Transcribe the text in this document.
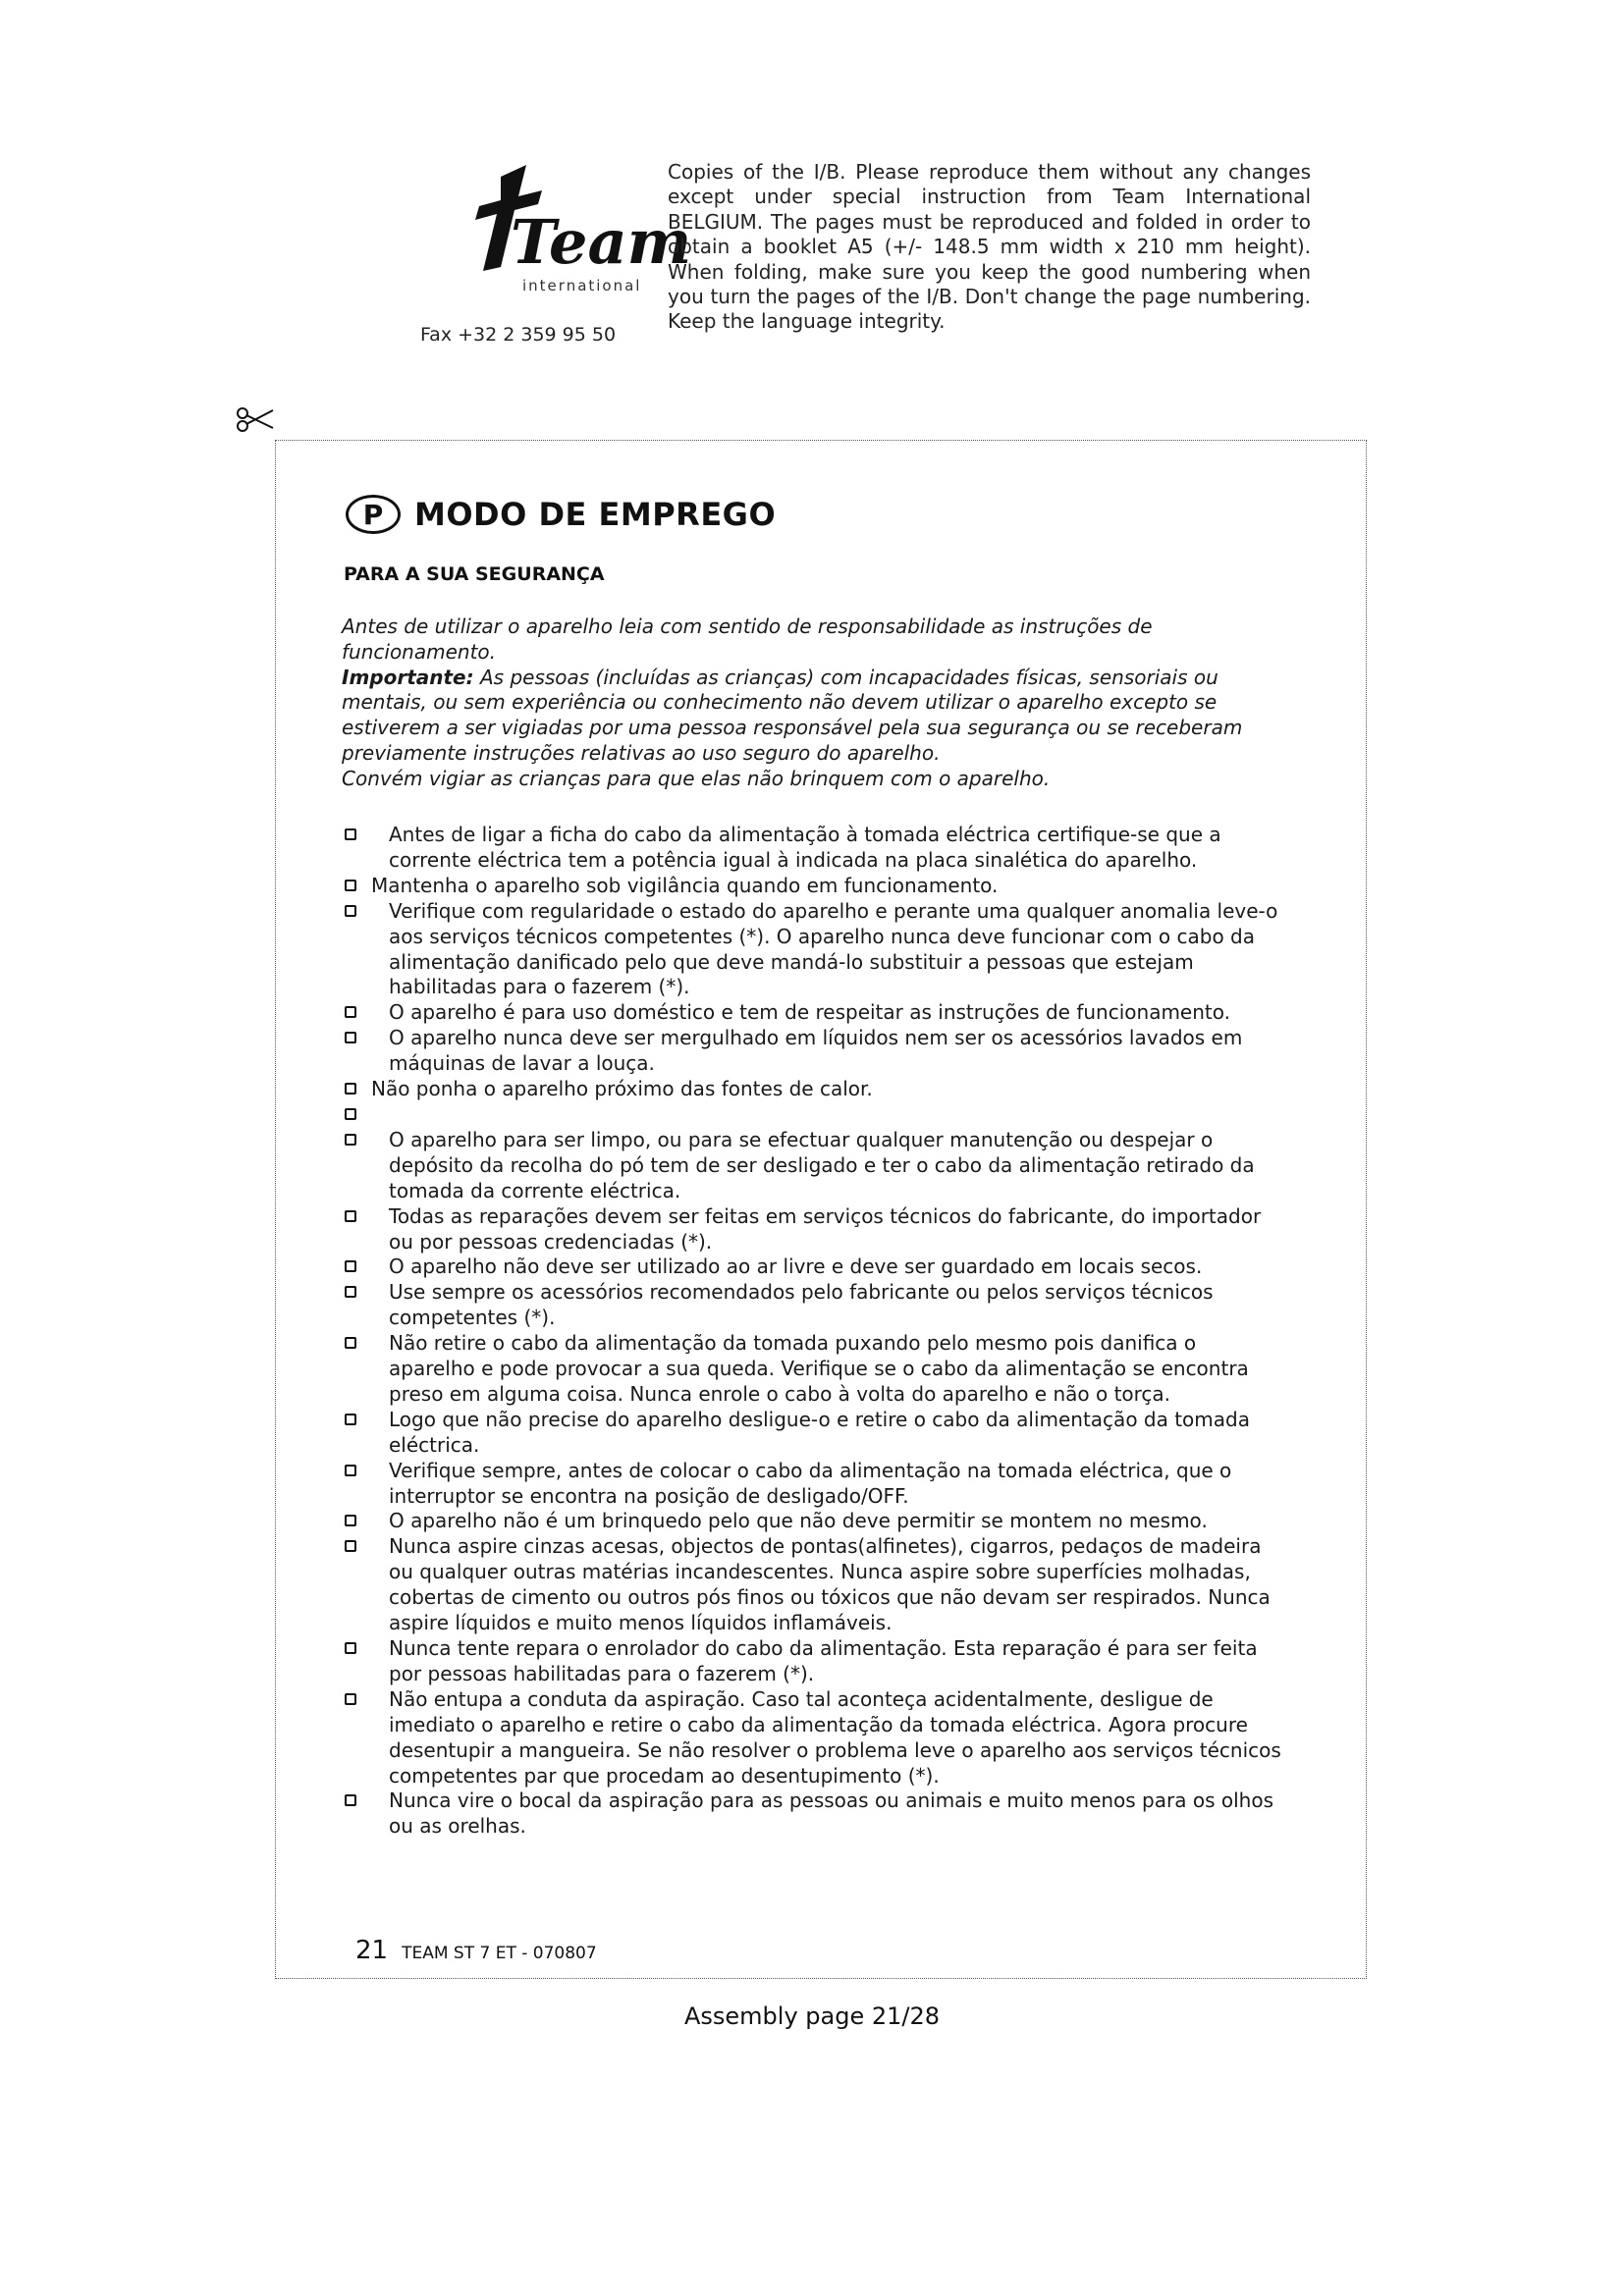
Team
international
Fax +32 2 359 95 50
Copies of the I/B. Please reproduce them without any changes except under special instruction from Team International BELGIUM. The pages must be reproduced and folded in order to obtain a booklet A5 (+/- 148.5 mm width x 210 mm height). When folding, make sure you keep the good numbering when you turn the pages of the I/B. Don't change the page numbering. Keep the language integrity.
P MODO DE EMPREGO
PARA A SUA SEGURANÇA

Antes de utilizar o aparelho leia com sentido de responsabilidade as instruções de funcionamento.

Importante: As pessoas (incluídas as crianças) com incapacidades físicas, sensoriais ou mentais, ou sem experiência ou conhecimento não devem utilizar o aparelho excepto se estiverem a ser vigiadas por uma pessoa responsável pela sua segurança ou se receberam previamente instruções relativas ao uso seguro do aparelho.

Convém vigiar as crianças para que elas não brinquem com o aparelho.

Antes de ligar a ficha do cabo da alimentação à tomada eléctrica certifique-se que a corrente eléctrica tem a potência igual à indicada na placa sinalética do aparelho.
Mantenha o aparelho sob vigilância quando em funcionamento.
Verifique com regularidade o estado do aparelho e perante uma qualquer anomalia leve-o aos serviços técnicos competentes (*). O aparelho nunca deve funcionar com o cabo da alimentação danificado pelo que deve mandá-lo substituir a pessoas que estejam habilitadas para o fazerem (*).
O aparelho é para uso doméstico e tem de respeitar as instruções de funcionamento.
O aparelho nunca deve ser mergulhado em líquidos nem ser os acessórios lavados em máquinas de lavar a louça.
Não ponha o aparelho próximo das fontes de calor.
O aparelho para ser limpo, ou para se efectuar qualquer manutenção ou despejar o depósito da recolha do pó tem de ser desligado e ter o cabo da alimentação retirado da tomada da corrente eléctrica.
Todas as reparações devem ser feitas em serviços técnicos do fabricante, do importador ou por pessoas credenciadas (*).
O aparelho não deve ser utilizado ao ar livre e deve ser guardado em locais secos.
Use sempre os acessórios recomendados pelo fabricante ou pelos serviços técnicos competentes (*).
Não retire o cabo da alimentação da tomada puxando pelo mesmo pois danifica o aparelho e pode provocar a sua queda. Verifique se o cabo da alimentação se encontra preso em alguma coisa. Nunca enrole o cabo à volta do aparelho e não o torça.
Logo que não precise do aparelho desligue-o e retire o cabo da alimentação da tomada eléctrica.
Verifique sempre, antes de colocar o cabo da alimentação na tomada eléctrica, que o interruptor se encontra na posição de desligado/OFF.
O aparelho não é um brinquedo pelo que não deve permitir se montem no mesmo.
Nunca aspire cinzas acesas, objectos de pontas(alfinetes), cigarros, pedaços de madeira ou qualquer outras matérias incandescentes. Nunca aspire sobre superfícies molhadas, cobertas de cimento ou outros pós finos ou tóxicos que não devam ser respirados. Nunca aspire líquidos e muito menos líquidos inflamáveis.
Nunca tente repara o enrolador do cabo da alimentação. Esta reparação é para ser feita por pessoas habilitadas para o fazerem (*).
Não entupa a conduta da aspiração. Caso tal aconteça acidentalmente, desligue de imediato o aparelho e retire o cabo da alimentação da tomada eléctrica. Agora procure desentupir a mangueira. Se não resolver o problema leve o aparelho aos serviços técnicos competentes par que procedam ao desentupimento (*).
Nunca vire o bocal da aspiração para as pessoas ou animais e muito menos para os olhos ou as orelhas.
21 TEAM ST 7 ET - 070807
Assembly page 21/28
